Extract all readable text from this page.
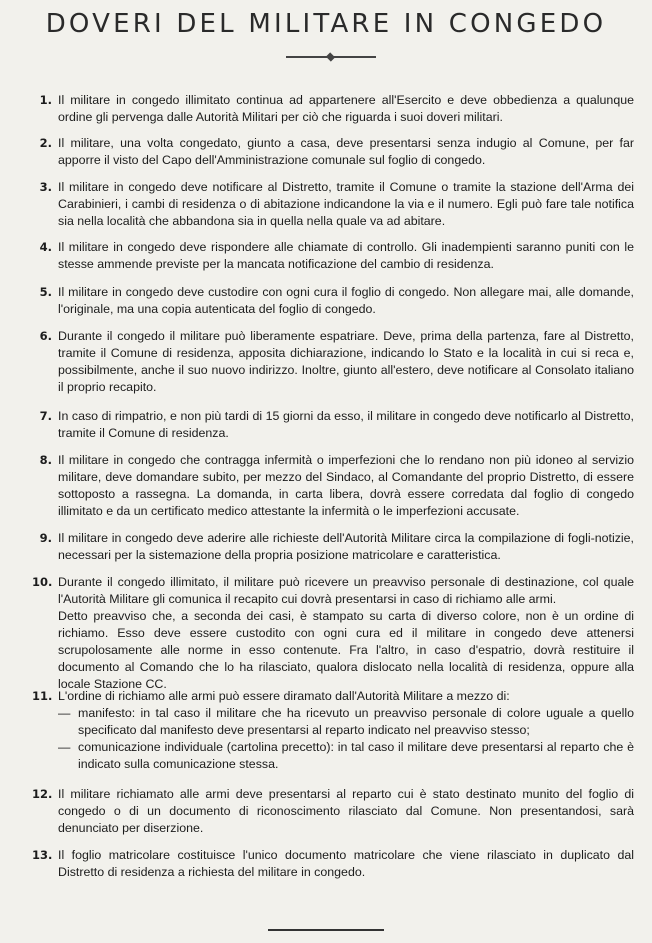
DOVERI DEL MILITARE IN CONGEDO
1. Il militare in congedo illimitato continua ad appartenere all'Esercito e deve obbedienza a qualunque ordine gli pervenga dalle Autorità Militari per ciò che riguarda i suoi doveri militari.

2. Il militare, una volta congedato, giunto a casa, deve presentarsi senza indugio al Comune, per far apporre il visto del Capo dell'Amministrazione comunale sul foglio di congedo.

3. Il militare in congedo deve notificare al Distretto, tramite il Comune o tramite la stazione dell'Arma dei Carabinieri, i cambi di residenza o di abitazione indicandone la via e il numero. Egli può fare tale notifica sia nella località che abbandona sia in quella nella quale va ad abitare.

4. Il militare in congedo deve rispondere alle chiamate di controllo. Gli inadempienti saranno puniti con le stesse ammende previste per la mancata notificazione del cambio di residenza.

5. Il militare in congedo deve custodire con ogni cura il foglio di congedo. Non allegare mai, alle domande, l'originale, ma una copia autenticata del foglio di congedo.

6. Durante il congedo il militare può liberamente espatriare. Deve, prima della partenza, fare al Distretto, tramite il Comune di residenza, apposita dichiarazione, indicando lo Stato e la località in cui si reca e, possibilmente, anche il suo nuovo indirizzo. Inoltre, giunto all'estero, deve notificare al Consolato italiano il proprio recapito.

7. In caso di rimpatrio, e non più tardi di 15 giorni da esso, il militare in congedo deve notificarlo al Distretto, tramite il Comune di residenza.

8. Il militare in congedo che contragga infermità o imperfezioni che lo rendano non più idoneo al servizio militare, deve domandare subito, per mezzo del Sindaco, al Comandante del proprio Distretto, di essere sottoposto a rassegna. La domanda, in carta libera, dovrà essere corredata dal foglio di congedo illimitato e da un certificato medico attestante la infermità o le imperfezioni accusate.

9. Il militare in congedo deve aderire alle richieste dell'Autorità Militare circa la compilazione di fogli-notizie, necessari per la sistemazione della propria posizione matricolare e caratteristica.

10. Durante il congedo illimitato, il militare può ricevere un preavviso personale di destinazione, col quale l'Autorità Militare gli comunica il recapito cui dovrà presentarsi in caso di richiamo alle armi.

Detto preavviso che, a seconda dei casi, è stampato su carta di diverso colore, non è un ordine di richiamo. Esso deve essere custodito con ogni cura ed il militare in congedo deve attenersi scrupolosamente alle norme in esso contenute. Fra l'altro, in caso d'espatrio, dovrà restituire il documento al Comando che lo ha rilasciato, qualora dislocato nella località di residenza, oppure alla locale Stazione CC.

11. L'ordine di richiamo alle armi può essere diramato dall'Autorità Militare a mezzo di:

— manifesto: in tal caso il militare che ha ricevuto un preavviso personale di colore uguale a quello specificato dal manifesto deve presentarsi al reparto indicato nel preavviso stesso;
— comunicazione individuale (cartolina precetto): in tal caso il militare deve presentarsi al reparto che è indicato sulla comunicazione stessa.
12. Il militare richiamato alle armi deve presentarsi al reparto cui è stato destinato munito del foglio di congedo o di un documento di riconoscimento rilasciato dal Comune. Non presentandosi, sarà denunciato per diserzione.

13. Il foglio matricolare costituisce l'unico documento matricolare che viene rilasciato in duplicato dal Distretto di residenza a richiesta del militare in congedo.
